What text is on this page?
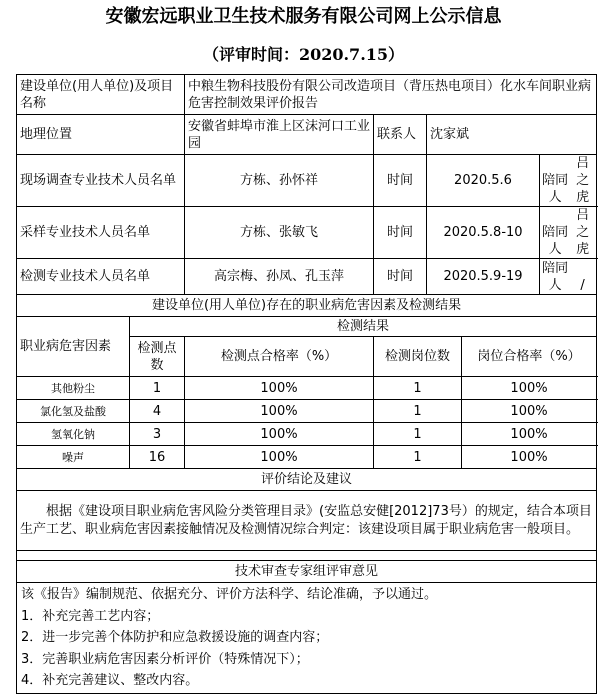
安徽宏远职业卫生技术服务有限公司网上公示信息
（评审时间：2020.7.15）
建设单位(用人单位)及项目名称		中粮生物科技股份有限公司改造项目（背压热电项目）化水车间职业病危害控制效果评价报告				
地理位置		安徽省蚌埠市淮上区沫河口工业园	联系人	沈家斌		
现场调查专业技术人员名单		方栋、孙怀祥	时间	2020.5.6		陪同人吕之虎
采样专业技术人员名单		方栋、张敏飞	时间	2020.5.8-10		陪同人吕之虎
检测专业技术人员名单		高宗梅、孙凤、孔玉萍	时间	2020.5.9-19		陪同人 /
建设单位(用人单位)存在的职业病危害因素及检测结果						
职业病危害因素	检测结果					
	检测点数	检测点合格率（%）	检测岗位数		岗位合格率（%）	
其他粉尘	1	100%	1		100%	
氯化氢及盐酸	4	100%	1		100%	
氢氧化钠	3	100%	1		100%	
噪声	16	100%	1		100%	
评价结论及建议						
根据《建设项目职业病危害风险分类管理目录》(安监总安健[2012]73号）的规定，结合本项目生产工艺、职业病危害因素接触情况及检测情况综合判定：该建设项目属于职业病危害一般项目。						

技术审查专家组评审意见						

该《报告》编制规范、依据充分、评价方法科学、结论准确，予以通过。
1．补充完善工艺内容；
2．进一步完善个体防护和应急救援设施的调查内容；
3．完善职业病危害因素分析评价（特殊情况下）；
4．补充完善建议、整改内容。						
